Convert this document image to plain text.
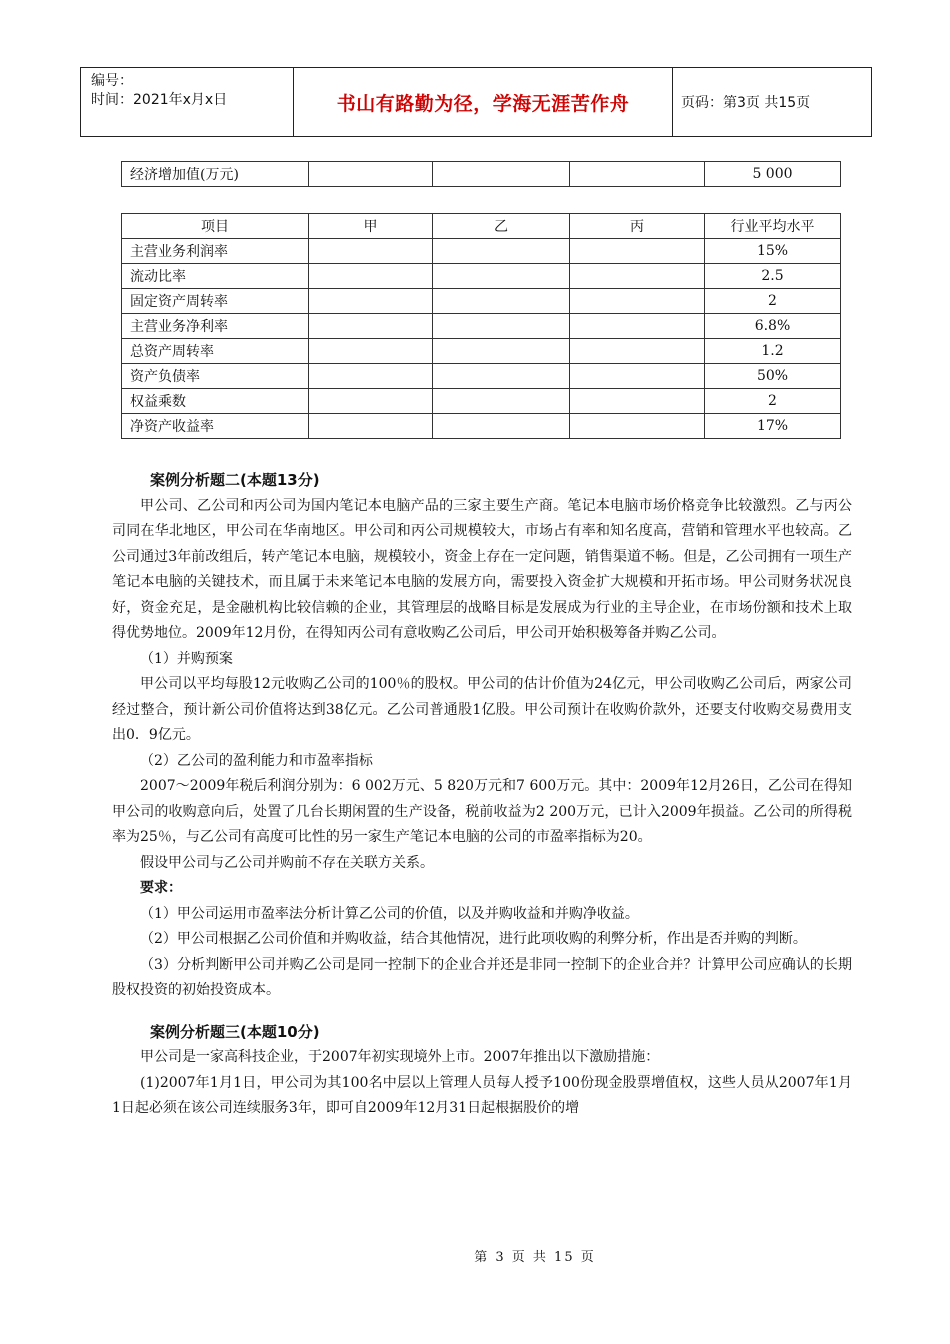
编号：
时间：2021年x月x日	书山有路勤为径，学海无涯苦作舟	页码：第3页 共15页
经济增加值(万元)				5 000
项目	甲	乙	丙	行业平均水平
主营业务利润率				15%
流动比率				2.5
固定资产周转率				2
主营业务净利率				6.8%
总资产周转率				1.2
资产负债率				50%
权益乘数				2
净资产收益率				17%

案例分析题二(本题13分)

甲公司、乙公司和丙公司为国内笔记本电脑产品的三家主要生产商。笔记本电脑市场价格竞争比较激烈。乙与丙公司同在华北地区，甲公司在华南地区。甲公司和丙公司规模较大，市场占有率和知名度高，营销和管理水平也较高。乙公司通过3年前改组后，转产笔记本电脑，规模较小，资金上存在一定问题，销售渠道不畅。但是，乙公司拥有一项生产笔记本电脑的关键技术，而且属于未来笔记本电脑的发展方向，需要投入资金扩大规模和开拓市场。甲公司财务状况良好，资金充足，是金融机构比较信赖的企业，其管理层的战略目标是发展成为行业的主导企业，在市场份额和技术上取得优势地位。2009年12月份，在得知丙公司有意收购乙公司后，甲公司开始积极筹备并购乙公司。

（1）并购预案

甲公司以平均每股12元收购乙公司的100％的股权。甲公司的估计价值为24亿元，甲公司收购乙公司后，两家公司经过整合，预计新公司价值将达到38亿元。乙公司普通股1亿股。甲公司预计在收购价款外，还要支付收购交易费用支出0．9亿元。

（2）乙公司的盈利能力和市盈率指标

2007～2009年税后利润分别为：6 002万元、5 820万元和7 600万元。其中：2009年12月26日，乙公司在得知甲公司的收购意向后，处置了几台长期闲置的生产设备，税前收益为2 200万元，已计入2009年损益。乙公司的所得税率为25％，与乙公司有高度可比性的另一家生产笔记本电脑的公司的市盈率指标为20。

假设甲公司与乙公司并购前不存在关联方关系。

要求：

（1）甲公司运用市盈率法分析计算乙公司的价值，以及并购收益和并购净收益。

（2）甲公司根据乙公司价值和并购收益，结合其他情况，进行此项收购的利弊分析，作出是否并购的判断。

（3）分析判断甲公司并购乙公司是同一控制下的企业合并还是非同一控制下的企业合并？计算甲公司应确认的长期股权投资的初始投资成本。

案例分析题三(本题10分)

甲公司是一家高科技企业，于2007年初实现境外上市。2007年推出以下激励措施：

(1)2007年1月1日，甲公司为其100名中层以上管理人员每人授予100份现金股票增值权，这些人员从2007年1月1日起必须在该公司连续服务3年，即可自2009年12月31日起根据股价的增

第 3 页 共 15 页
